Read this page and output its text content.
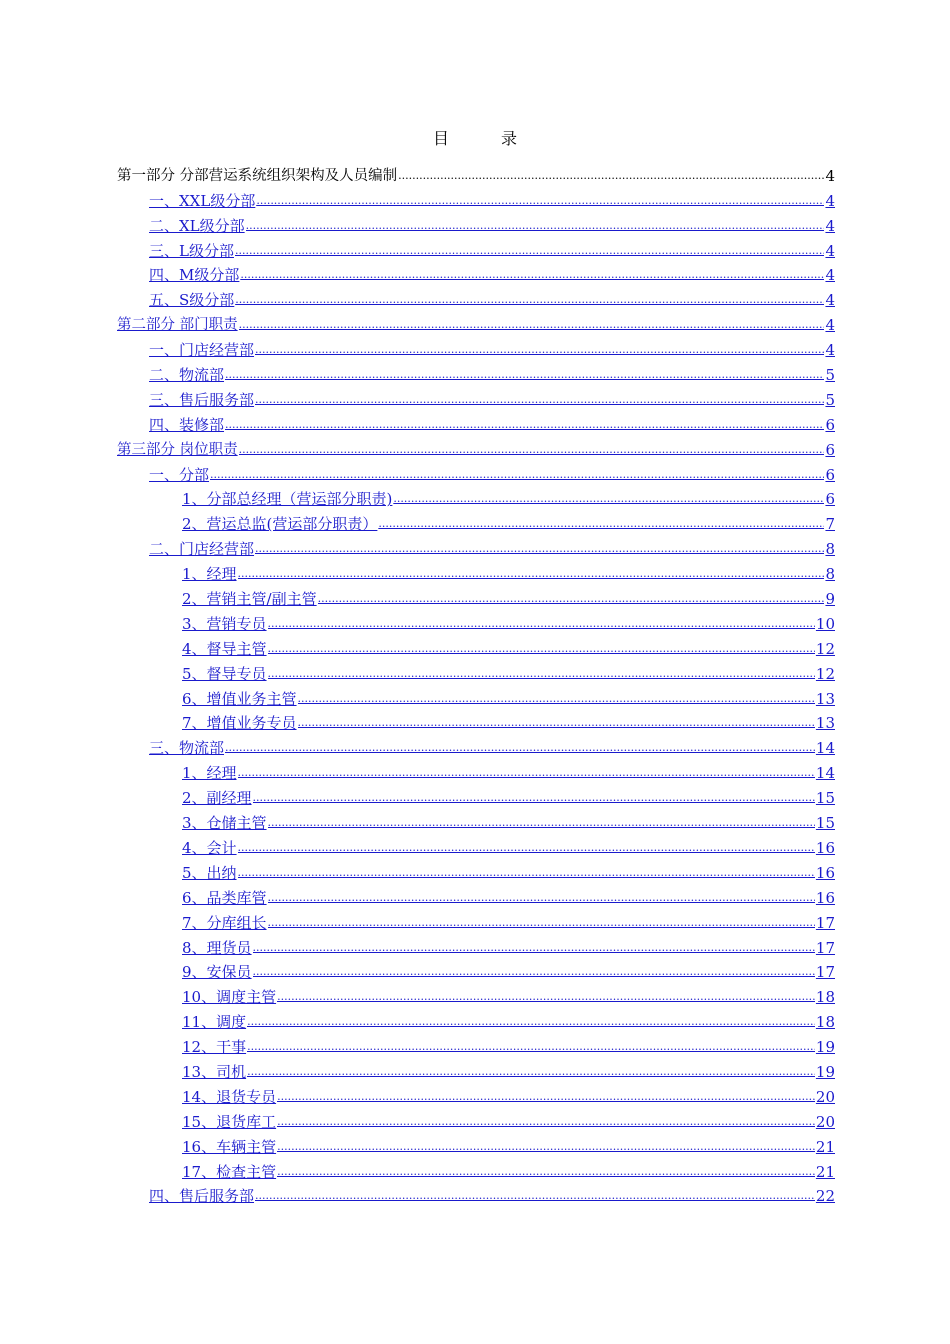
目　录
第一部分 分部营运系统组织架构及人员编制 .....	4
一、XXL级分部 .....	4
二、XL级分部 .....	4
三、L级分部 .....	4
四、M级分部 .....	4
五、S级分部 .....	4
第二部分 部门职责 .....	4
一、门店经营部 .....	4
二、物流部 .....	5
三、售后服务部 .....	5
四、装修部 .....	6
第三部分 岗位职责 .....	6
一、分部 .....	6
1、分部总经理（营运部分职责) .....	6
2、营运总监(营运部分职责） .....	7
二、门店经营部 .....	8
1、经理 .....	8
2、营销主管/副主管 .....	9
3、营销专员 .....	10
4、督导主管 .....	12
5、督导专员 .....	12
6、增值业务主管 .....	13
7、增值业务专员 .....	13
三、物流部 .....	14
1、经理 .....	14
2、副经理 .....	15
3、仓储主管 .....	15
4、会计 .....	16
5、出纳 .....	16
6、品类库管 .....	16
7、分库组长 .....	17
8、理货员 .....	17
9、安保员 .....	17
10、调度主管 .....	18
11、调度 .....	18
12、干事 .....	19
13、司机 .....	19
14、退货专员 .....	20
15、退货库工 .....	20
16、车辆主管 .....	21
17、检查主管 .....	21
四、售后服务部 .....	22
